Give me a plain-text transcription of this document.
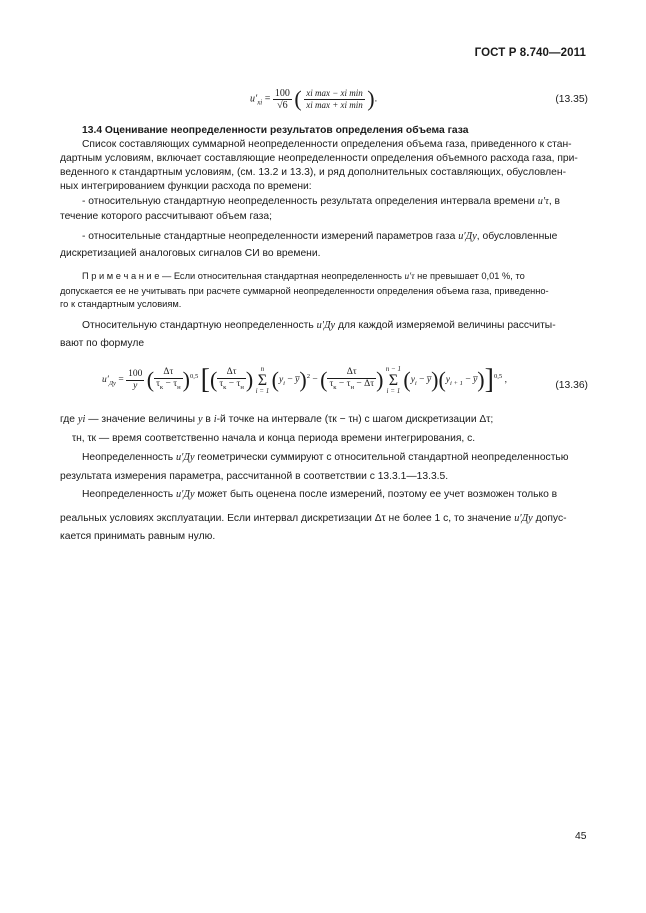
ГОСТ Р 8.740—2011
$u'_{xi} = \frac{100}{√6}$ ( $\frac{\text{xi max − xi min}}{\text{xi max + xi min}}$ ).	(13.35)
13.4 Оценивание неопределенности результатов определения объема газа
Список составляющих суммарной неопределенности определения объема газа, приведенного к стан-
дартным условиям, включает составляющие неопределенности определения объемного расхода газа, при-
веденного к стандартным условиям, (см. 13.2 и 13.3), и ряд дополнительных составляющих, обусловлен-
ных интегрированием функции расхода по времени:
- относительную стандартную неопределенность результата определения интервала времени u′τ, в
течение которого рассчитывают объем газа;
- относительные стандартные неопределенности измерений параметров газа u′Дy, обусловленные
дискретизацией аналоговых сигналов СИ во времени.
П р и м е ч а н и е — Если относительная стандартная неопределенность u′τ не превышает 0,01 %, то
допускается ее не учитывать при расчете суммарной неопределенности определения объема газа, приведенно-
го к стандартным условиям.
Относительную стандартную неопределенность u′Дy для каждой измеряемой величины рассчиты-
вают по формуле
$u'_{Дy} = \frac{100}{y}$ ( $\frac{\Delta\tau}{\tau_к - \tau_н} )^{0,5}$ [( $\frac{\Delta\tau}{\tau_к - \tau_н}$ ) n
Σ
i = 1 ($y_i$ − y̅)$^2$ − ( $\frac{\Delta\tau}{\tau_к - \tau_н - \Delta\tau}$ ) n − 1
Σ
i = 1 ($y_i$ − $y̅)(y_{i + 1}$ − y̅)]$^{0,5}$ ,	(13.36)
где yi — значение величины y в i-й точке на интервале (τк − τн) с шагом дискретизации Δτ;
τн, τк — время соответственно начала и конца периода времени интегрирования, с.
Неопределенность u′Дy геометрически суммируют с относительной стандартной неопределенностью
результата измерения параметра, рассчитанной в соответствии с 13.3.1—13.3.5.
Неопределенность u′Дy может быть оценена после измерений, поэтому ее учет возможен только в
реальных условиях эксплуатации. Если интервал дискретизации Δτ не более 1 с, то значение u′Дy допус-
кается принимать равным нулю.
45
